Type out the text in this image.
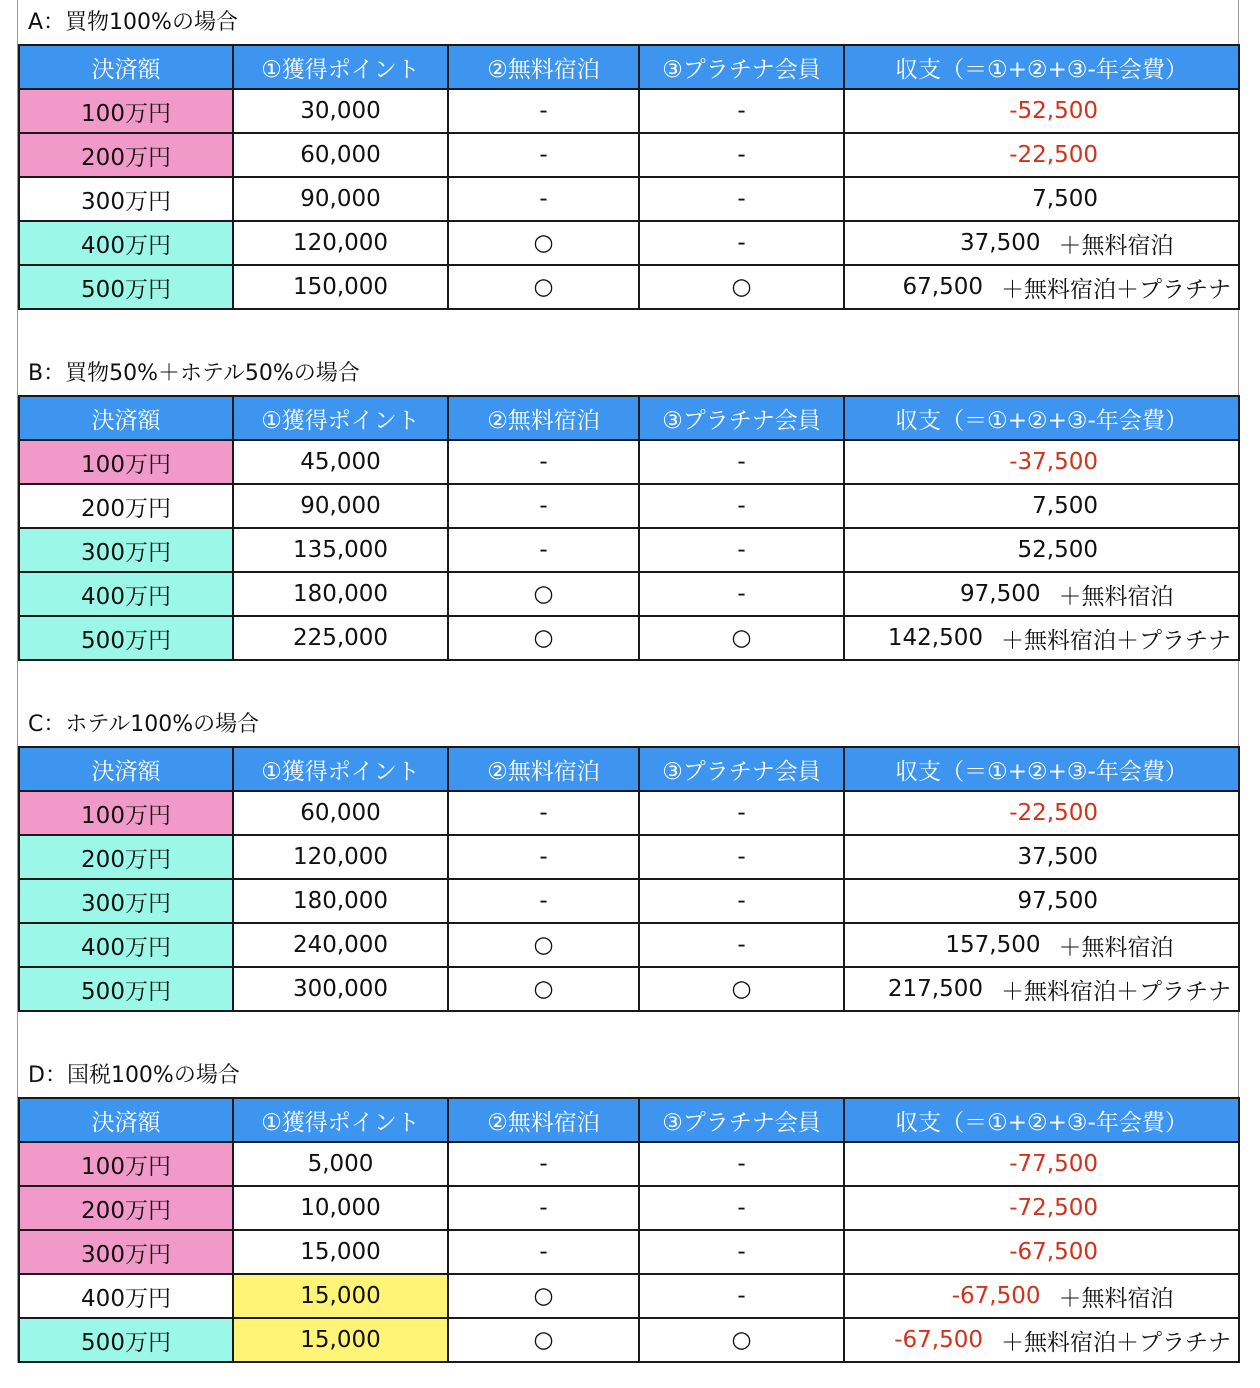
A：買物100%の場合
決済額	①獲得ポイント	②無料宿泊	③プラチナ会員	収支（＝①+②+③-年会費）
100万円	30,000	-	-	-52,500
200万円	60,000	-	-	-22,500
300万円	90,000	-	-	7,500
400万円	120,000	○	-	37,500 ＋無料宿泊
500万円	150,000	○	○	67,500 ＋無料宿泊＋プラチナ
B：買物50%＋ホテル50%の場合
決済額	①獲得ポイント	②無料宿泊	③プラチナ会員	収支（＝①+②+③-年会費）
100万円	45,000	-	-	-37,500
200万円	90,000	-	-	7,500
300万円	135,000	-	-	52,500
400万円	180,000	○	-	97,500 ＋無料宿泊
500万円	225,000	○	○	142,500 ＋無料宿泊＋プラチナ
C：ホテル100%の場合
決済額	①獲得ポイント	②無料宿泊	③プラチナ会員	収支（＝①+②+③-年会費）
100万円	60,000	-	-	-22,500
200万円	120,000	-	-	37,500
300万円	180,000	-	-	97,500
400万円	240,000	○	-	157,500 ＋無料宿泊
500万円	300,000	○	○	217,500 ＋無料宿泊＋プラチナ
D：国税100%の場合
決済額	①獲得ポイント	②無料宿泊	③プラチナ会員	収支（＝①+②+③-年会費）
100万円	5,000	-	-	-77,500
200万円	10,000	-	-	-72,500
300万円	15,000	-	-	-67,500
400万円	15,000	○	-	-67,500 ＋無料宿泊
500万円	15,000	○	○	-67,500 ＋無料宿泊＋プラチナ
